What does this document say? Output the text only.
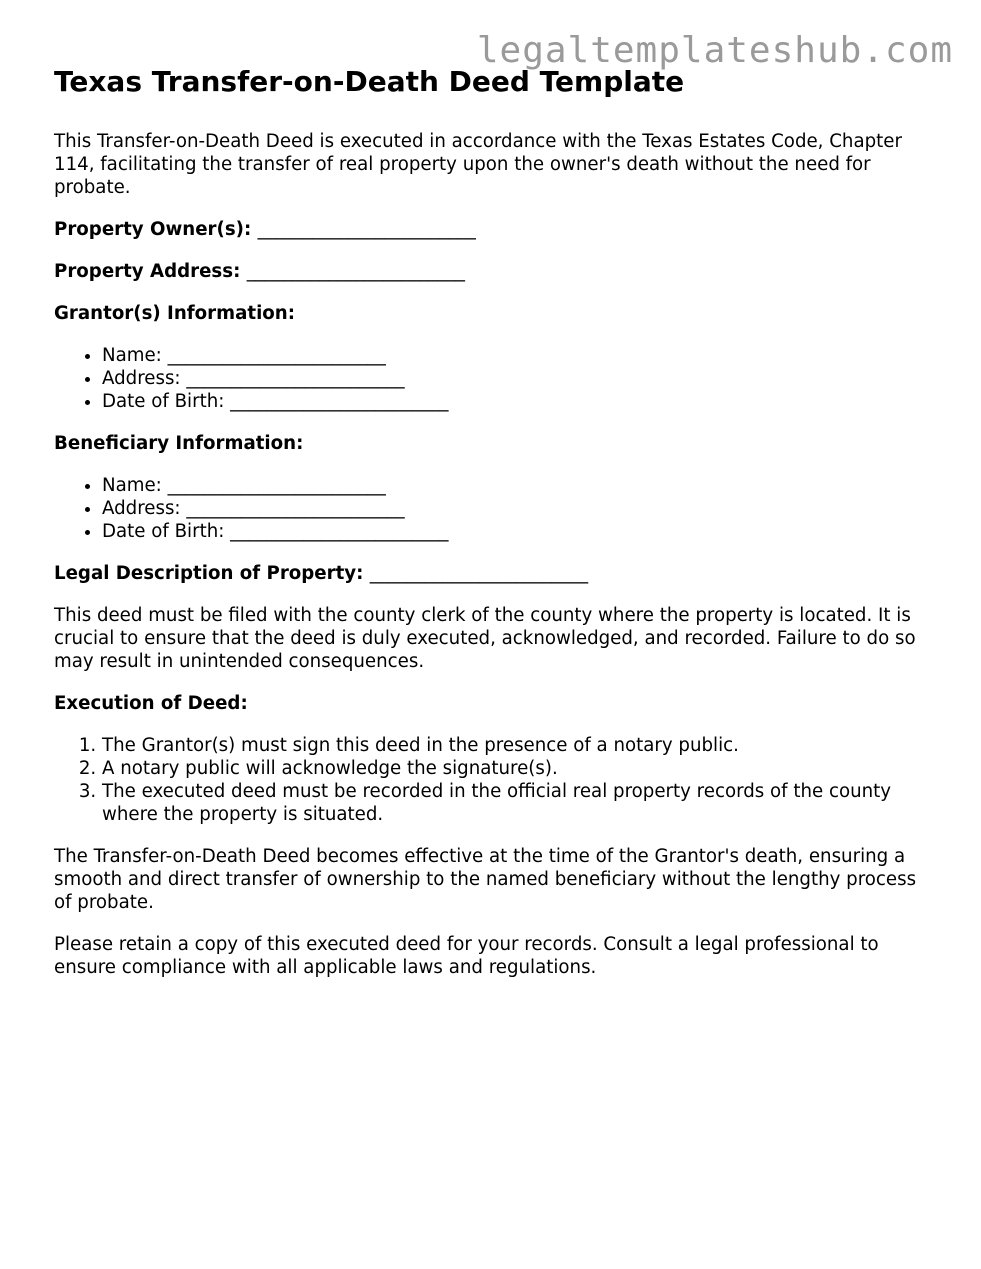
legaltemplateshub.com
Texas Transfer-on-Death Deed Template

This Transfer-on-Death Deed is executed in accordance with the Texas Estates Code, Chapter 114, facilitating the transfer of real property upon the owner's death without the need for probate.

Property Owner(s): ________________________
Property Address: ________________________
Grantor(s) Information:
• Name: ________________________
• Address: ________________________
• Date of Birth: ________________________
Beneficiary Information:
• Name: ________________________
• Address: ________________________
• Date of Birth: ________________________
Legal Description of Property: ________________________

This deed must be filed with the county clerk of the county where the property is located. It is crucial to ensure that the deed is duly executed, acknowledged, and recorded. Failure to do so may result in unintended consequences.

Execution of Deed:
1. The Grantor(s) must sign this deed in the presence of a notary public.
2. A notary public will acknowledge the signature(s).
3. The executed deed must be recorded in the official real property records of the county where the property is situated.

The Transfer-on-Death Deed becomes effective at the time of the Grantor's death, ensuring a smooth and direct transfer of ownership to the named beneficiary without the lengthy process of probate.

Please retain a copy of this executed deed for your records. Consult a legal professional to ensure compliance with all applicable laws and regulations.
